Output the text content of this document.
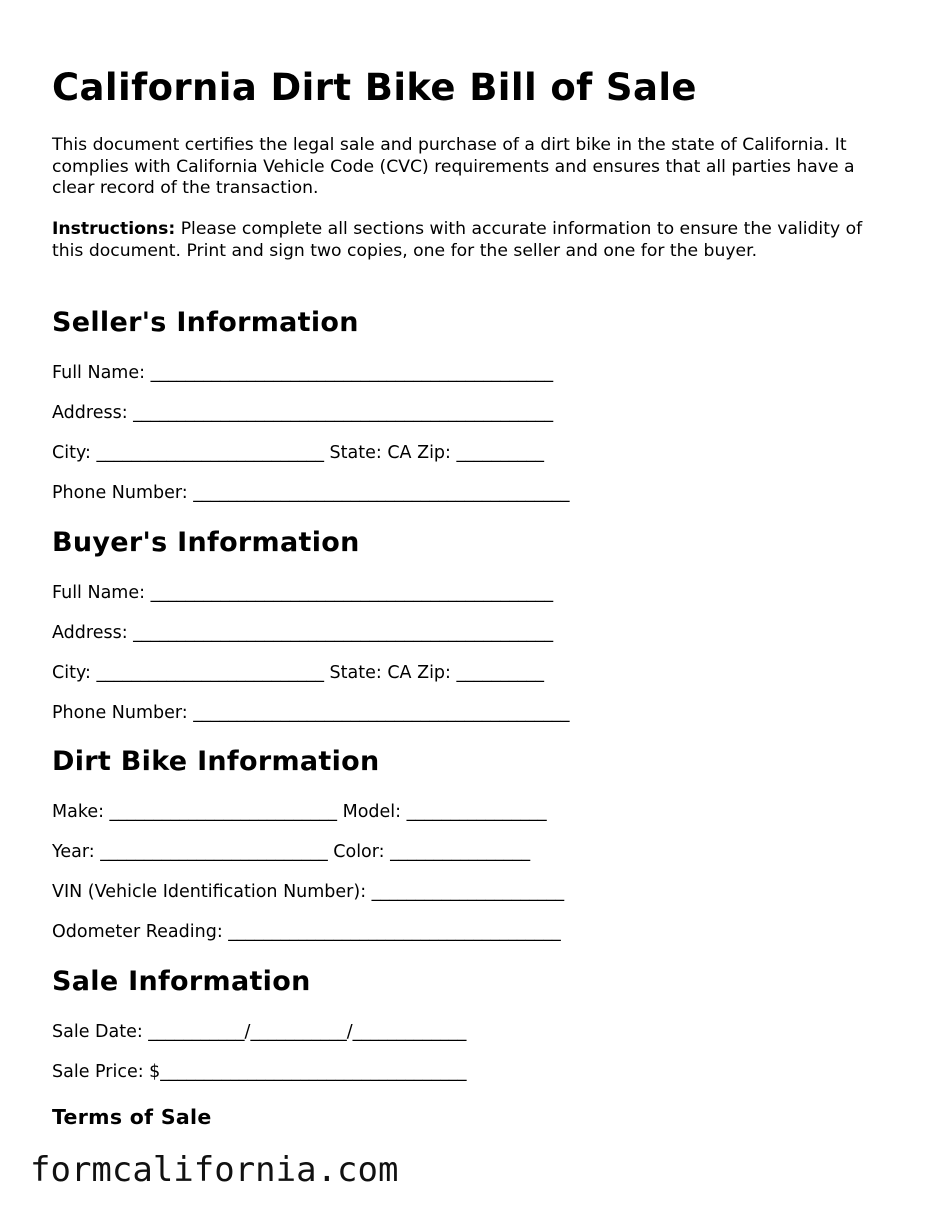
California Dirt Bike Bill of Sale

This document certifies the legal sale and purchase of a dirt bike in the state of California. It complies with California Vehicle Code (CVC) requirements and ensures that all parties have a clear record of the transaction.

Instructions: Please complete all sections with accurate information to ensure the validity of this document. Print and sign two copies, one for the seller and one for the buyer.

Seller's Information

Full Name: ______________________________________________

Address: ________________________________________________

City: __________________________ State: CA Zip: __________

Phone Number: ___________________________________________

Buyer's Information

Full Name: ______________________________________________

Address: ________________________________________________

City: __________________________ State: CA Zip: __________

Phone Number: ___________________________________________

Dirt Bike Information

Make: __________________________ Model: ________________

Year: __________________________ Color: ________________

VIN (Vehicle Identification Number): ______________________

Odometer Reading: ______________________________________

Sale Information

Sale Date: ___________/___________/_____________

Sale Price: $___________________________________

Terms of Sale

formcalifornia.com
